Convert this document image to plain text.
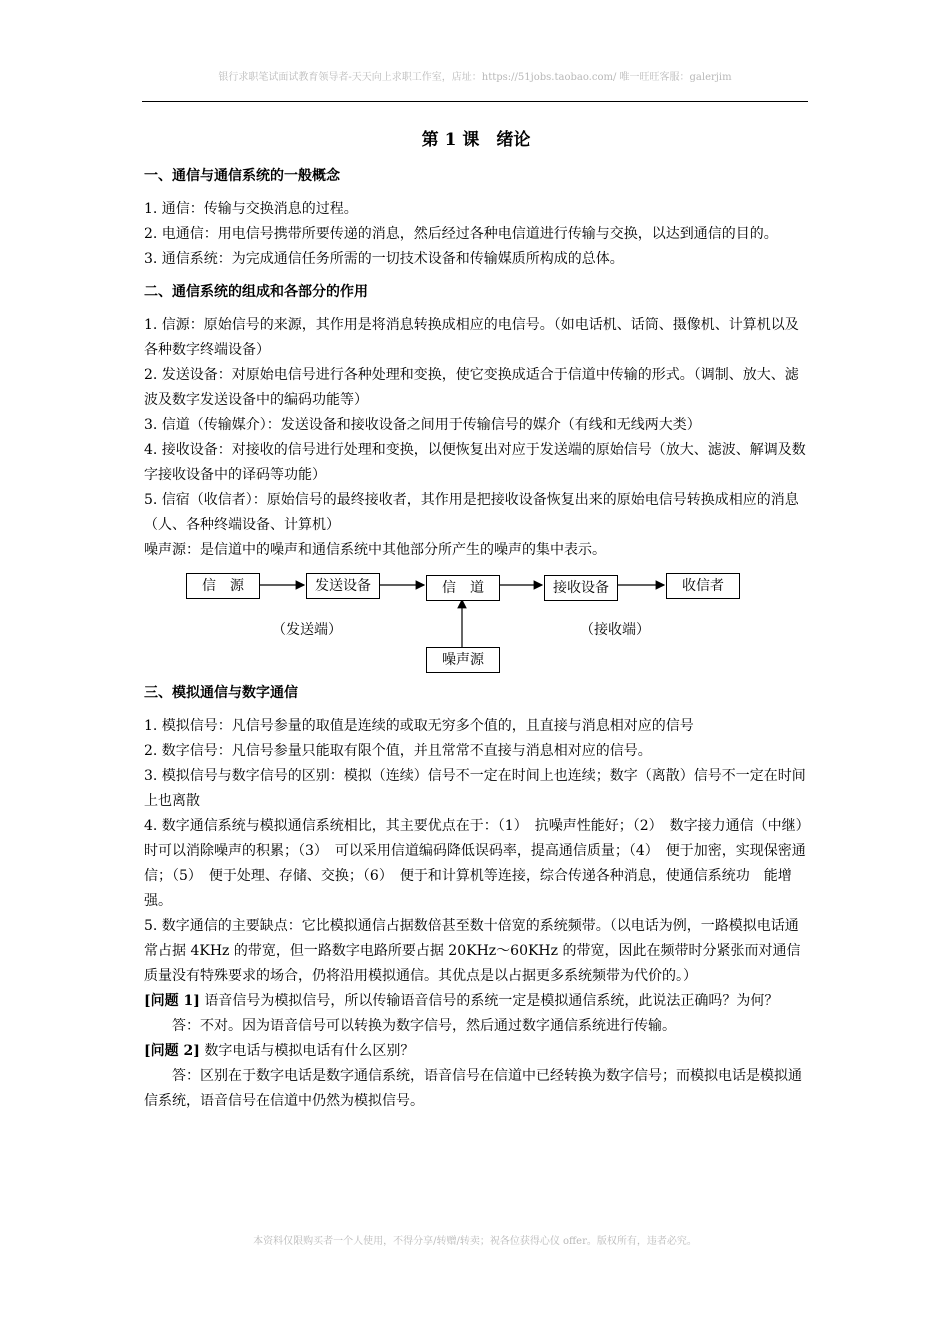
银行求职笔试面试教育领导者-天天向上求职工作室，店址：https://51jobs.taobao.com/ 唯一旺旺客服：galerjim
第 1 课　绪论
一、通信与通信系统的一般概念

1. 通信：传输与交换消息的过程。

2. 电通信：用电信号携带所要传递的消息，然后经过各种电信道进行传输与交换，以达到通信的目的。

3. 通信系统：为完成通信任务所需的一切技术设备和传输媒质所构成的总体。

二、通信系统的组成和各部分的作用

1. 信源：原始信号的来源，其作用是将消息转换成相应的电信号。（如电话机、话筒、摄像机、计算机以及各种数字终端设备）

2. 发送设备：对原始电信号进行各种处理和变换，使它变换成适合于信道中传输的形式。（调制、放大、滤波及数字发送设备中的编码功能等）

3. 信道（传输媒介）：发送设备和接收设备之间用于传输信号的媒介（有线和无线两大类）

4. 接收设备：对接收的信号进行处理和变换，以便恢复出对应于发送端的原始信号（放大、滤波、解调及数字接收设备中的译码等功能）

5. 信宿（收信者）：原始信号的最终接收者，其作用是把接收设备恢复出来的原始电信号转换成相应的消息（人、各种终端设备、计算机）

噪声源：是信道中的噪声和通信系统中其他部分所产生的噪声的集中表示。

信　源	发送设备	信　道	接收设备	收信者
噪声源
（发送端）	（接收端）
三、模拟通信与数字通信

1. 模拟信号：凡信号参量的取值是连续的或取无穷多个值的，且直接与消息相对应的信号

2. 数字信号：凡信号参量只能取有限个值，并且常常不直接与消息相对应的信号。

3. 模拟信号与数字信号的区别：模拟（连续）信号不一定在时间上也连续；数字（离散）信号不一定在时间上也离散

4. 数字通信系统与模拟通信系统相比，其主要优点在于：（1）　抗噪声性能好；（2）　数字接力通信（中继）时可以消除噪声的积累；（3）　可以采用信道编码降低误码率，提高通信质量；（4）　便于加密，实现保密通信；（5）　便于处理、存储、交换；（6）　便于和计算机等连接，综合传递各种消息，使通信系统功　能增强。

5. 数字通信的主要缺点：它比模拟通信占据数倍甚至数十倍宽的系统频带。（以电话为例，一路模拟电话通常占据 4KHz 的带宽，但一路数字电路所要占据 20KHz～60KHz 的带宽，因此在频带时分紧张而对通信质量没有特殊要求的场合，仍将沿用模拟通信。其优点是以占据更多系统频带为代价的。）

[问题 1] 语音信号为模拟信号，所以传输语音信号的系统一定是模拟通信系统，此说法正确吗？为何？

答：不对。因为语音信号可以转换为数字信号，然后通过数字通信系统进行传输。

[问题 2] 数字电话与模拟电话有什么区别？

答：区别在于数字电话是数字通信系统，语音信号在信道中已经转换为数字信号；而模拟电话是模拟通信系统，语音信号在信道中仍然为模拟信号。

本资料仅限购买者一个人使用，不得分享/转赠/转卖；祝各位获得心仪 offer。版权所有，违者必究。
